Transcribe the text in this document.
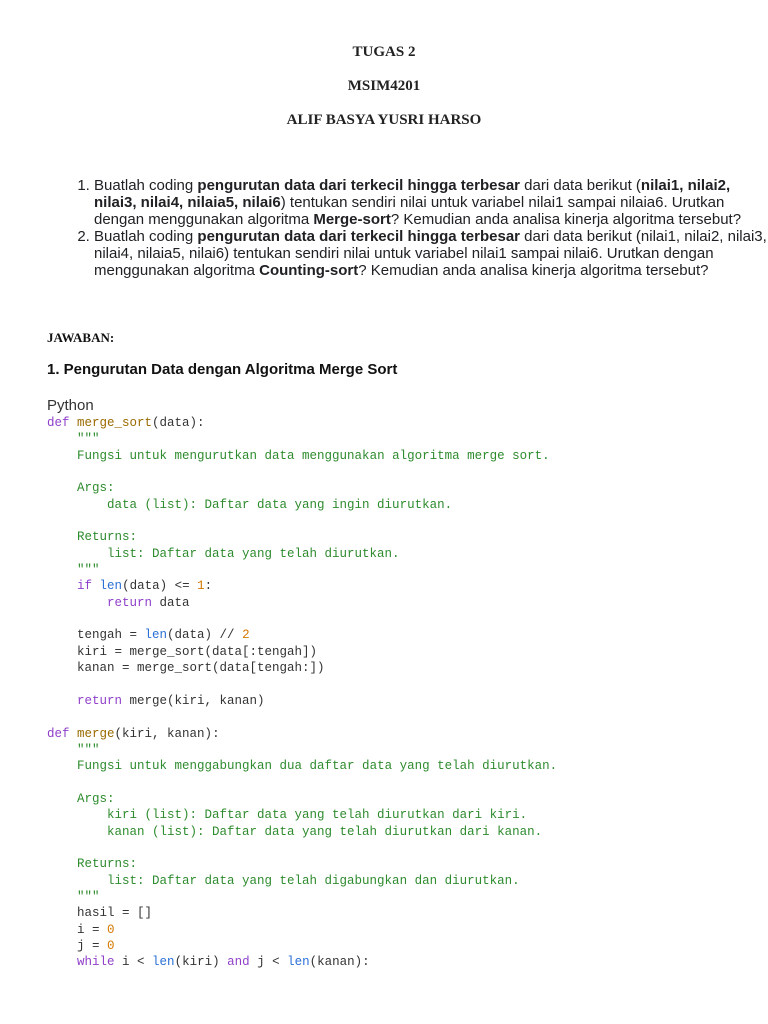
TUGAS 2
MSIM4201
ALIF BASYA YUSRI HARSO
1. Buatlah coding pengurutan data dari terkecil hingga terbesar dari data berikut (nilai1, nilai2, nilai3, nilai4, nilaia5, nilai6) tentukan sendiri nilai untuk variabel nilai1 sampai nilaia6. Urutkan dengan menggunakan algoritma Merge-sort? Kemudian anda analisa kinerja algoritma tersebut?
2. Buatlah coding pengurutan data dari terkecil hingga terbesar dari data berikut (nilai1, nilai2, nilai3, nilai4, nilaia5, nilai6) tentukan sendiri nilai untuk variabel nilai1 sampai nilai6. Urutkan dengan menggunakan algoritma Counting-sort? Kemudian anda analisa kinerja algoritma tersebut?
JAWABAN:
1. Pengurutan Data dengan Algoritma Merge Sort
Python
def merge_sort(data):
"""
Fungsi untuk mengurutkan data menggunakan algoritma merge sort.

Args:
data (list): Daftar data yang ingin diurutkan.

Returns:
list: Daftar data yang telah diurutkan.
"""
if len(data) <= 1:
return data

tengah = len(data) // 2
kiri = merge_sort(data[:tengah])
kanan = merge_sort(data[tengah:])

return merge(kiri, kanan)

def merge(kiri, kanan):
"""
Fungsi untuk menggabungkan dua daftar data yang telah diurutkan.

Args:
kiri (list): Daftar data yang telah diurutkan dari kiri.
kanan (list): Daftar data yang telah diurutkan dari kanan.

Returns:
list: Daftar data yang telah digabungkan dan diurutkan.
"""
hasil = []
i = 0
j = 0
while i < len(kiri) and j < len(kanan):
